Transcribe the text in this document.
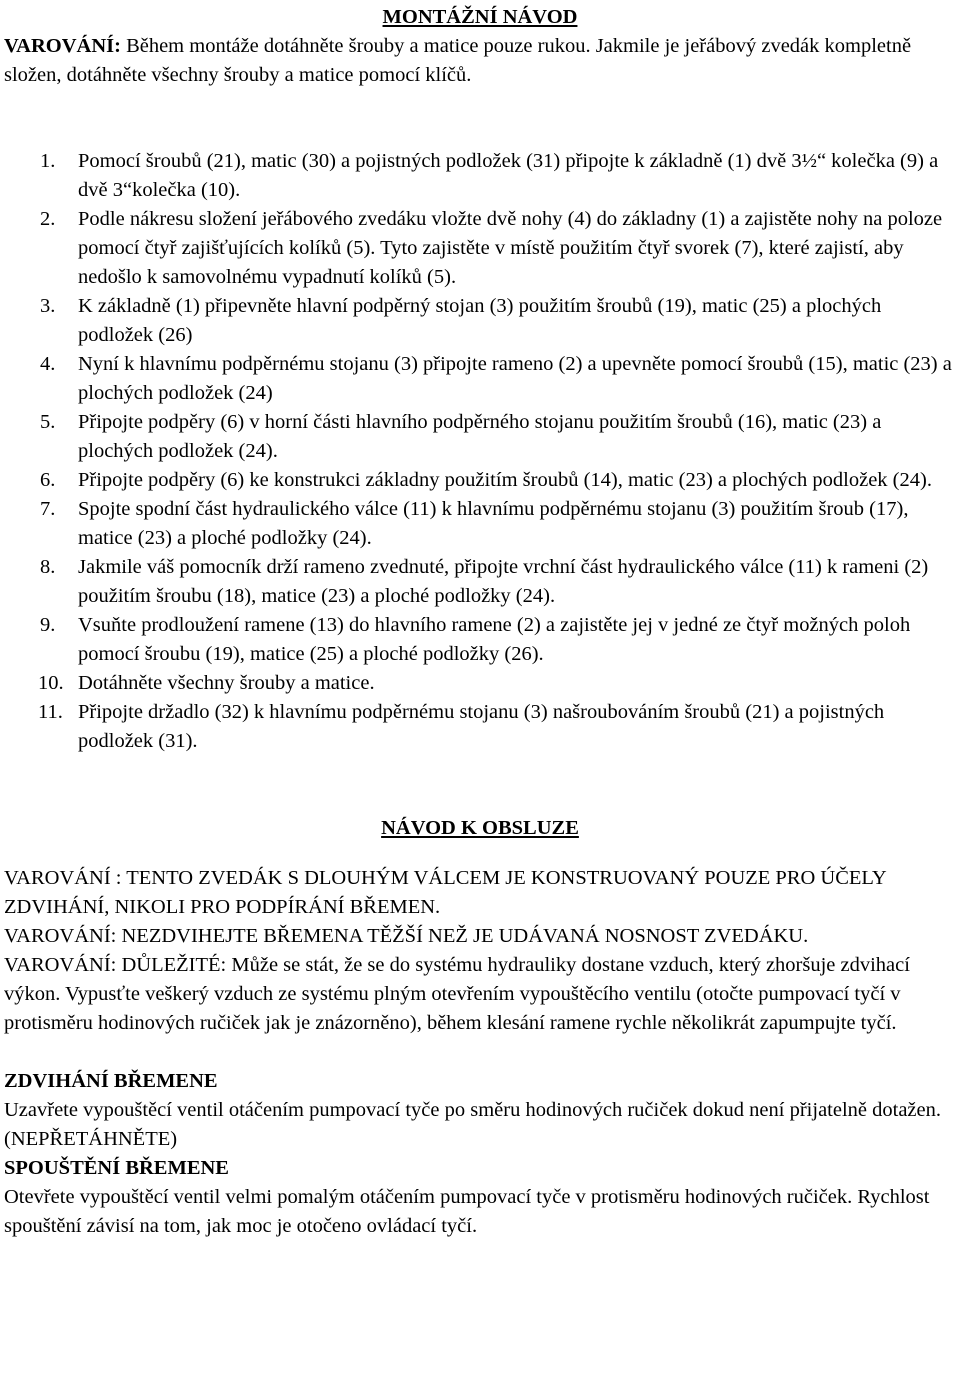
MONTÁŽNÍ NÁVOD

VAROVÁNÍ: Během montáže dotáhněte šrouby a matice pouze rukou. Jakmile je jeřábový zvedák kompletně složen, dotáhněte všechny šrouby a matice pomocí klíčů.

1. Pomocí šroubů (21), matic (30) a pojistných podložek (31) připojte k základně (1) dvě 3½“ kolečka (9) a dvě 3“kolečka (10).
2. Podle nákresu složení jeřábového zvedáku vložte dvě nohy (4) do základny (1) a zajistěte nohy na poloze pomocí čtyř zajišťujících kolíků (5). Tyto zajistěte v místě použitím čtyř svorek (7), které zajistí, aby nedošlo k samovolnému vypadnutí kolíků (5).
3. K základně (1) připevněte hlavní podpěrný stojan (3) použitím šroubů (19), matic (25) a plochých podložek (26)
4. Nyní k hlavnímu podpěrnému stojanu (3) připojte rameno (2) a upevněte pomocí šroubů (15), matic (23) a plochých podložek (24)
5. Připojte podpěry (6) v horní části hlavního podpěrného stojanu použitím šroubů (16), matic (23) a plochých podložek (24).
6. Připojte podpěry (6) ke konstrukci základny použitím šroubů (14), matic (23) a plochých podložek (24).
7. Spojte spodní část hydraulického válce (11) k hlavnímu podpěrnému stojanu (3) použitím šroub (17), matice (23) a ploché podložky (24).
8. Jakmile váš pomocník drží rameno zvednuté, připojte vrchní část hydraulického válce (11) k rameni (2) použitím šroubu (18), matice (23) a ploché podložky (24).
9. Vsuňte prodloužení ramene (13) do hlavního ramene (2) a zajistěte jej v jedné ze čtyř možných poloh pomocí šroubu (19), matice (25) a ploché podložky (26).
10. Dotáhněte všechny šrouby a matice.
11. Připojte držadlo (32) k hlavnímu podpěrnému stojanu (3) našroubováním šroubů (21) a pojistných podložek (31).

NÁVOD K OBSLUZE

VAROVÁNÍ : TENTO ZVEDÁK S DLOUHÝM VÁLCEM JE KONSTRUOVANÝ POUZE PRO ÚČELY ZDVIHÁNÍ, NIKOLI PRO PODPÍRÁNÍ BŘEMEN.

VAROVÁNÍ: NEZDVIHEJTE BŘEMENA TĚŽŠÍ NEŽ JE UDÁVANÁ NOSNOST ZVEDÁKU.

VAROVÁNÍ: DŮLEŽITÉ: Může se stát, že se do systému hydrauliky dostane vzduch, který zhoršuje zdvihací výkon. Vypusťte veškerý vzduch ze systému plným otevřením vypouštěcího ventilu (otočte pumpovací tyčí v protisměru hodinových ručiček jak je znázorněno), během klesání ramene rychle několikrát zapumpujte tyčí.

ZDVIHÁNÍ BŘEMENE

Uzavřete vypouštěcí ventil otáčením pumpovací tyče po směru hodinových ručiček dokud není přijatelně dotažen. (NEPŘETÁHNĚTE)

SPOUŠTĚNÍ BŘEMENE

Otevřete vypouštěcí ventil velmi pomalým otáčením pumpovací tyče v protisměru hodinových ručiček. Rychlost spouštění závisí na tom, jak moc je otočeno ovládací tyčí.
